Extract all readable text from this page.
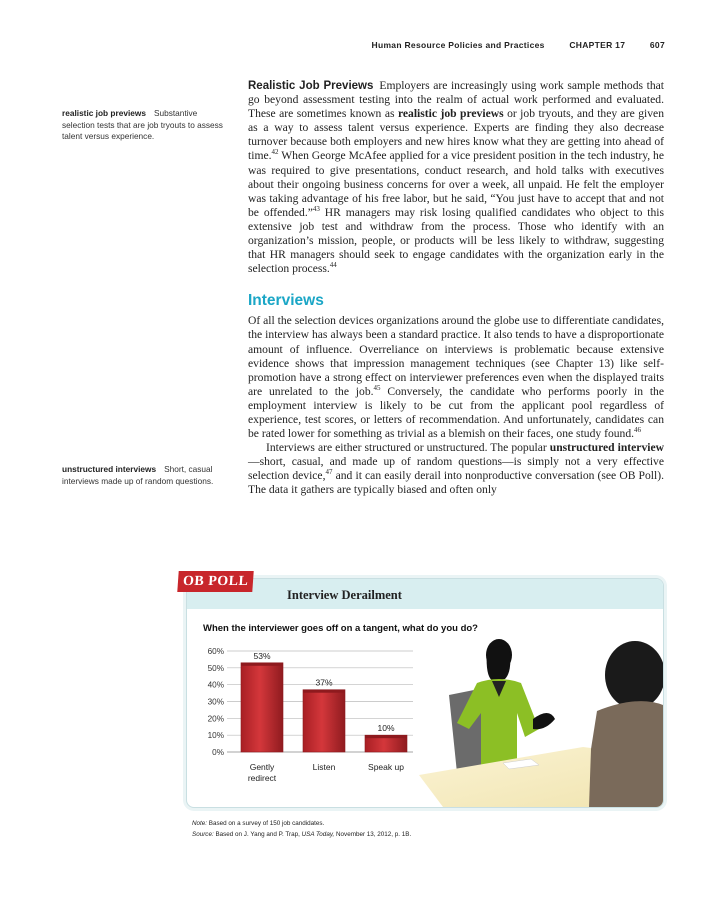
Human Resource Policies and Practices	CHAPTER 17	607
realistic job previews Substantive selection tests that are job tryouts to assess talent versus experience.
unstructured interviews Short, casual interviews made up of random questions.

Realistic Job Previews Employers are increasingly using work sample methods that go beyond assessment testing into the realm of actual work performed and evaluated. These are sometimes known as realistic job previews or job tryouts, and they are given as a way to assess talent versus experience. Experts are finding they also decrease turnover because both employers and new hires know what they are getting into ahead of time.$^{42}$ When George McAfee applied for a vice president position in the tech industry, he was required to give presentations, conduct research, and hold talks with executives about their ongoing business concerns for over a week, all unpaid. He felt the employer was taking advantage of his free labor, but he said, “You just have to accept that and not be offended.”$^{43}$ HR managers may risk losing qualified candidates who object to this extensive job test and withdraw from the process. Those who identify with an organization’s mission, people, or products will be less likely to withdraw, suggesting that HR managers should seek to engage candidates with the organization early in the selection process.$^{44}$

Interviews

Of all the selection devices organizations around the globe use to differentiate candidates, the interview has always been a standard practice. It also tends to have a disproportionate amount of influence. Overreliance on interviews is problematic because extensive evidence shows that impression management techniques (see Chapter 13) like self-promotion have a strong effect on interviewer preferences even when the displayed traits are unrelated to the job.$^{45}$ Conversely, the candidate who performs poorly in the employment interview is likely to be cut from the applicant pool regardless of experience, test scores, or letters of recommendation. And unfortunately, candidates can be rated lower for something as trivial as a blemish on their faces, one study found.$^{46}$

Interviews are either structured or unstructured. The popular unstructured interview—short, casual, and made up of random questions—is simply not a very effective selection device,$^{47}$ and it can easily derail into nonproductive conversation (see OB Poll). The data it gathers are typically biased and often only

Interview Derailment
When the interviewer goes off on a tangent, what do you do?
0%
10%
20%
30%
40%
50%
60%	53%
Gently
redirect
37%
Listen
10%
Speak up
OB POLL
Note: Based on a survey of 150 job candidates.
Source: Based on J. Yang and P. Trap, USA Today, November 13, 2012, p. 1B.
